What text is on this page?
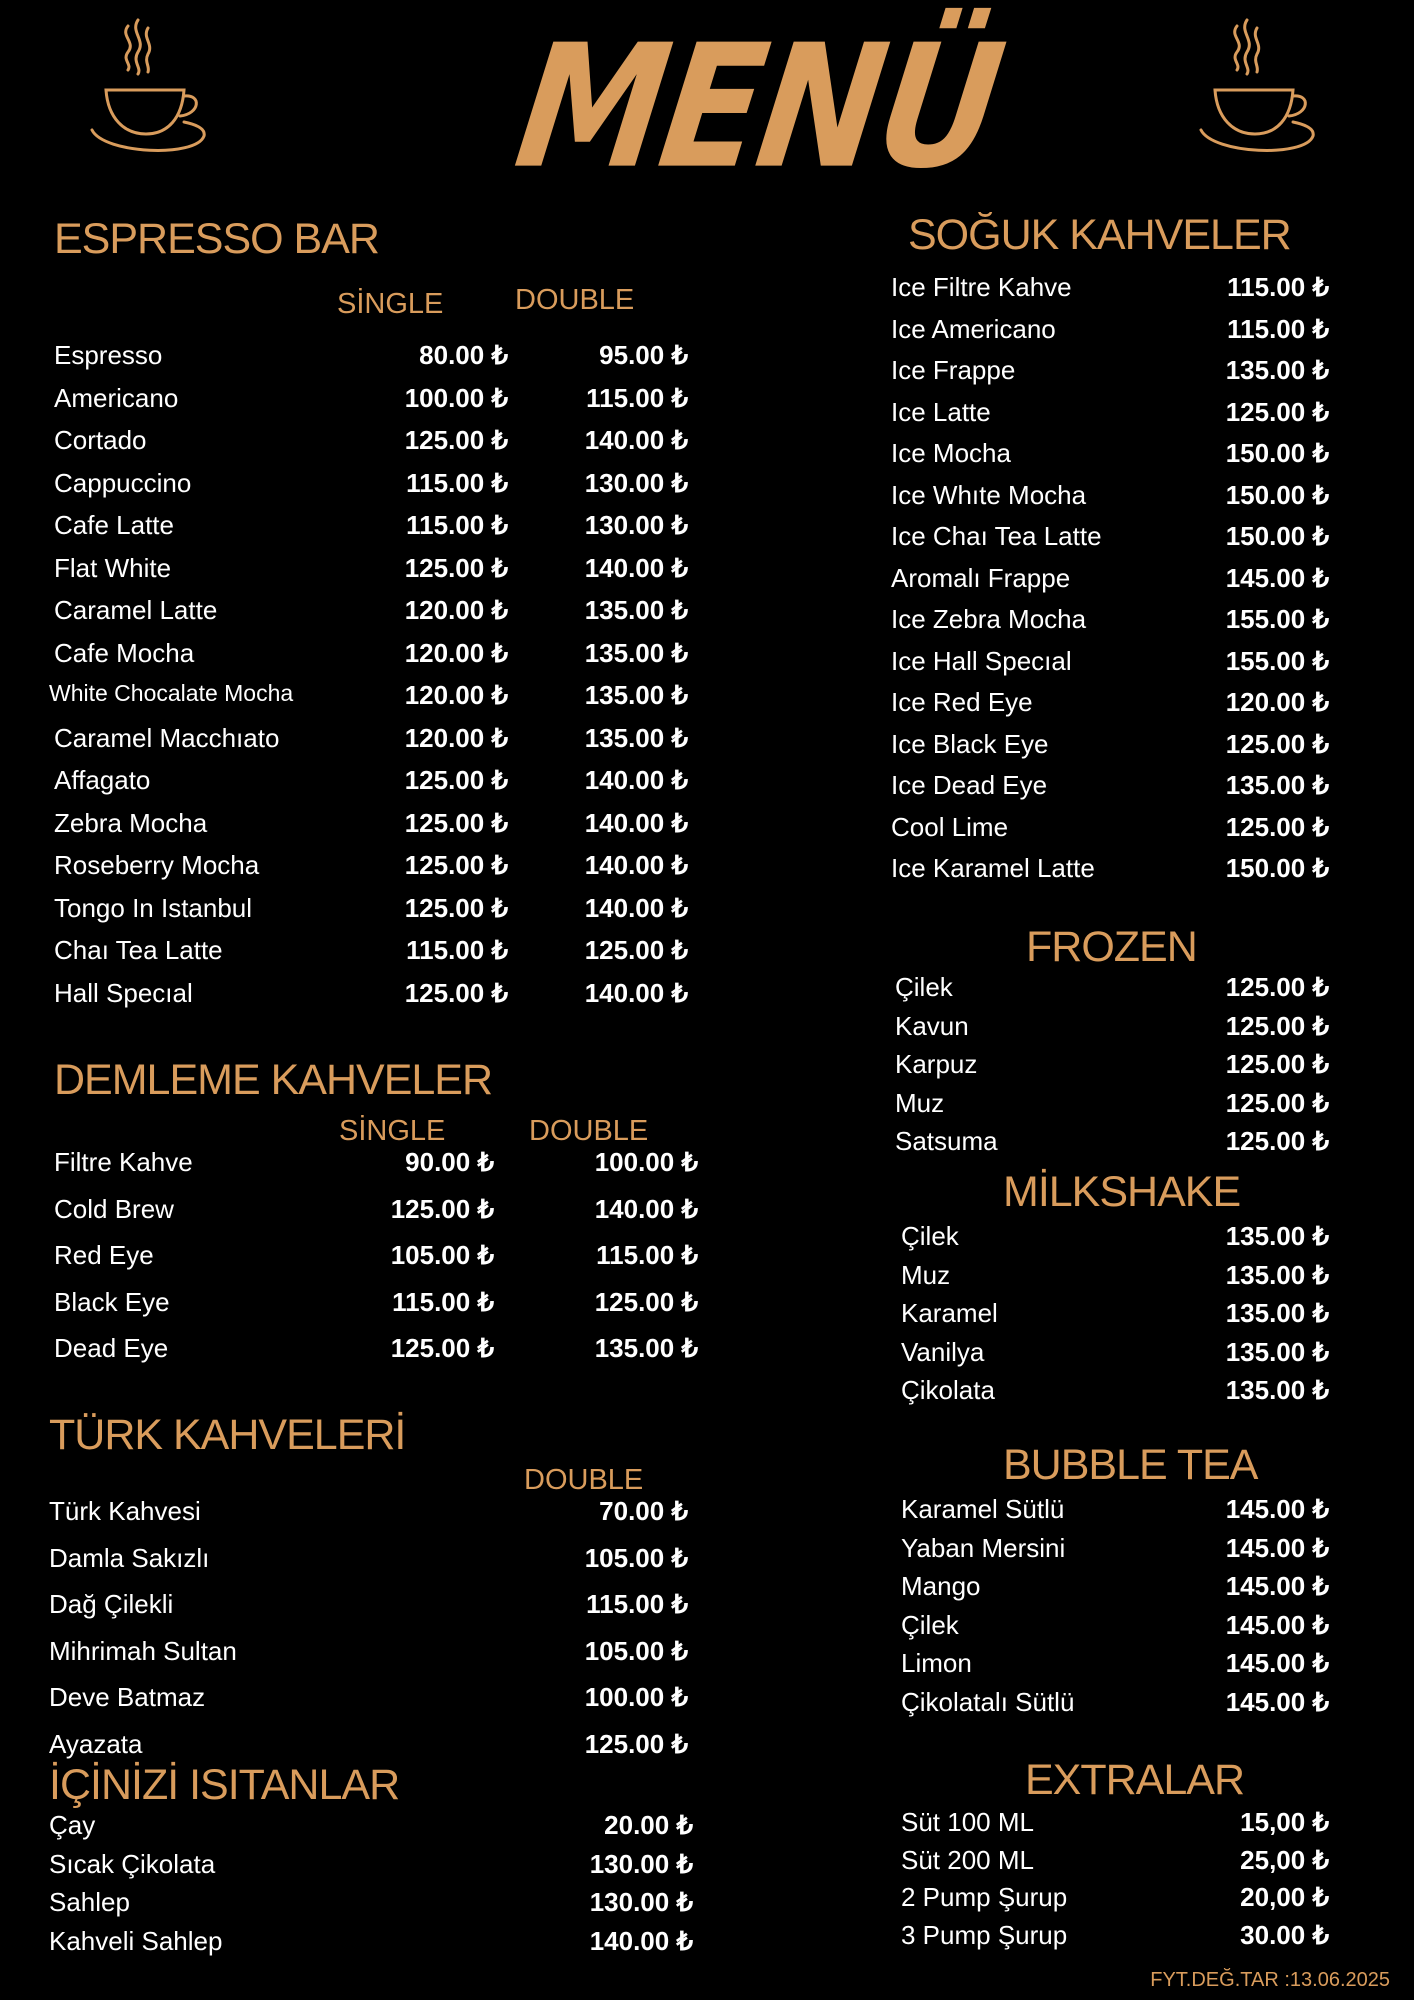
MENÜ
ESPRESSO BAR
SİNGLE DOUBLE
Espresso	80.00 ₺	95.00 ₺
Americano	100.00 ₺	115.00 ₺
Cortado	125.00 ₺	140.00 ₺
Cappuccino	115.00 ₺	130.00 ₺
Cafe Latte	115.00 ₺	130.00 ₺
Flat White	125.00 ₺	140.00 ₺
Caramel Latte	120.00 ₺	135.00 ₺
Cafe Mocha	120.00 ₺	135.00 ₺
White Chocalate Mocha	120.00 ₺	135.00 ₺
Caramel Macchıato	120.00 ₺	135.00 ₺
Affagato	125.00 ₺	140.00 ₺
Zebra Mocha	125.00 ₺	140.00 ₺
Roseberry Mocha	125.00 ₺	140.00 ₺
Tongo In Istanbul	125.00 ₺	140.00 ₺
Chaı Tea Latte	115.00 ₺	125.00 ₺
Hall Specıal	125.00 ₺	140.00 ₺
DEMLEME KAHVELER
SİNGLE	DOUBLE
Filtre Kahve	90.00 ₺	100.00 ₺
Cold Brew	125.00 ₺	140.00 ₺
Red Eye	105.00 ₺	115.00 ₺
Black Eye	115.00 ₺	125.00 ₺
Dead Eye	125.00 ₺	135.00 ₺
TÜRK KAHVELERİ
DOUBLE
Türk Kahvesi	70.00 ₺
Damla Sakızlı	105.00 ₺
Dağ Çilekli	115.00 ₺
Mihrimah Sultan	105.00 ₺
Deve Batmaz	100.00 ₺
Ayazata	125.00 ₺
İÇİNİZİ ISITANLAR
Çay	20.00 ₺
Sıcak Çikolata	130.00 ₺
Sahlep	130.00 ₺
Kahveli Sahlep	140.00 ₺
SOĞUK KAHVELER
Ice Filtre Kahve	115.00 ₺
Ice Americano	115.00 ₺
Ice Frappe	135.00 ₺
Ice Latte	125.00 ₺
Ice Mocha	150.00 ₺
Ice Whıte Mocha	150.00 ₺
Ice Chaı Tea Latte	150.00 ₺
Aromalı Frappe	145.00 ₺
Ice Zebra Mocha	155.00 ₺
Ice Hall Specıal	155.00 ₺
Ice Red Eye	120.00 ₺
Ice Black Eye	125.00 ₺
Ice Dead Eye	135.00 ₺
Cool Lime	125.00 ₺
Ice Karamel Latte	150.00 ₺
FROZEN
Çilek	125.00 ₺
Kavun	125.00 ₺
Karpuz	125.00 ₺
Muz	125.00 ₺
Satsuma	125.00 ₺
MİLKSHAKE
Çilek	135.00 ₺
Muz	135.00 ₺
Karamel	135.00 ₺
Vanilya	135.00 ₺
Çikolata	135.00 ₺
BUBBLE TEA
Karamel Sütlü	145.00 ₺
Yaban Mersini	145.00 ₺
Mango	145.00 ₺
Çilek	145.00 ₺
Limon	145.00 ₺
Çikolatalı Sütlü	145.00 ₺
EXTRALAR
Süt 100 ML	15,00 ₺
Süt 200 ML	25,00 ₺
2 Pump Şurup	20,00 ₺
3 Pump Şurup	30.00 ₺
FYT.DEĞ.TAR :13.06.2025
